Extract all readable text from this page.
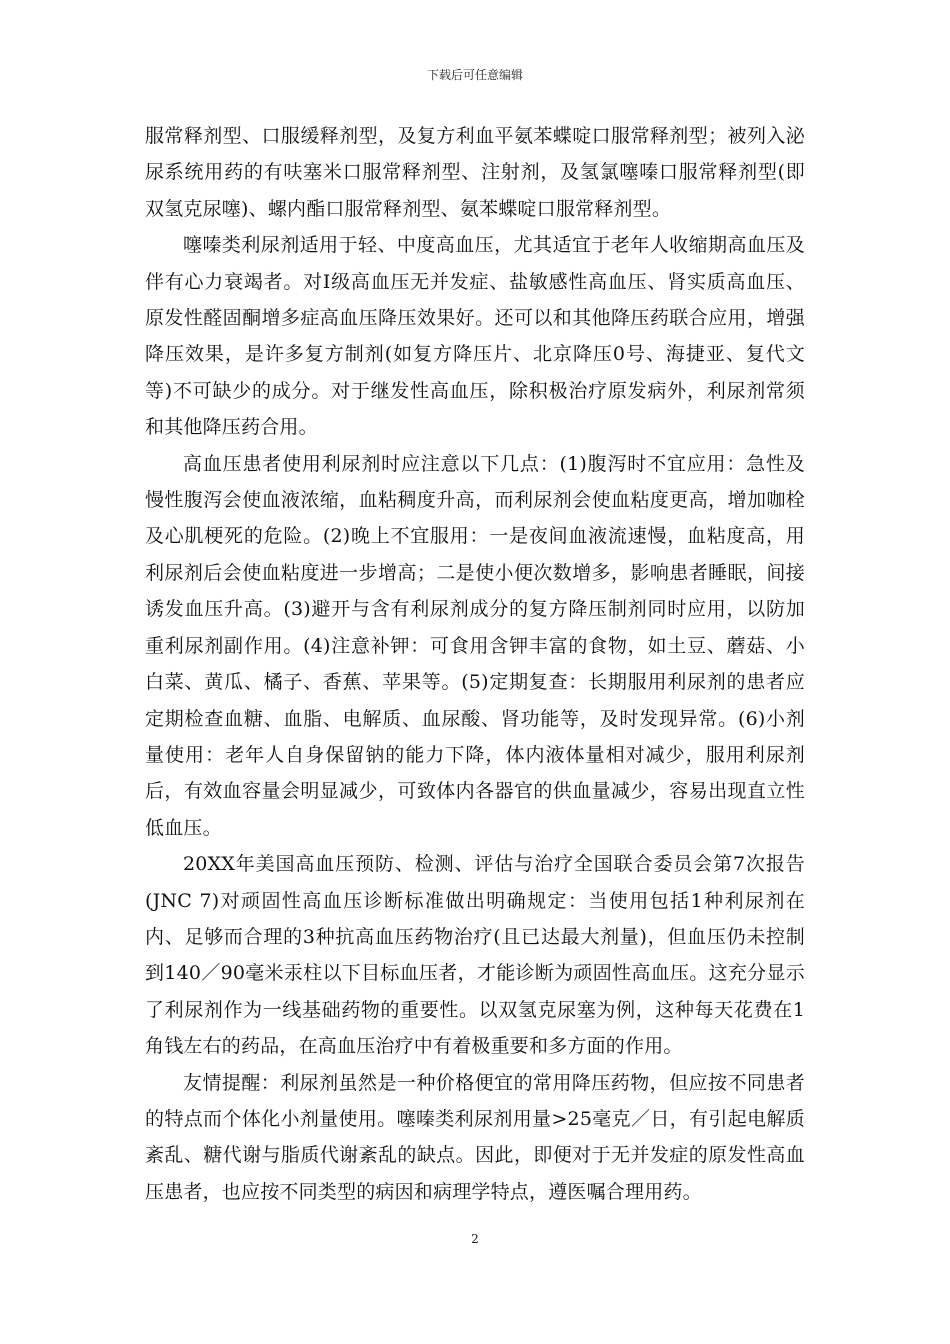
下载后可任意编辑

服常释剂型、口服缓释剂型，及复方利血平氨苯蝶啶口服常释剂型；被列入泌尿系统用药的有呋塞米口服常释剂型、注射剂，及氢氯噻嗪口服常释剂型(即双氢克尿噻)、螺内酯口服常释剂型、氨苯蝶啶口服常释剂型。

噻嗪类利尿剂适用于轻、中度高血压，尤其适宜于老年人收缩期高血压及伴有心力衰竭者。对Ⅰ级高血压无并发症、盐敏感性高血压、肾实质高血压、原发性醛固酮增多症高血压降压效果好。还可以和其他降压药联合应用，增强降压效果，是许多复方制剂(如复方降压片、北京降压0号、海捷亚、复代文等)不可缺少的成分。对于继发性高血压，除积极治疗原发病外，利尿剂常须和其他降压药合用。

高血压患者使用利尿剂时应注意以下几点：(1)腹泻时不宜应用：急性及慢性腹泻会使血液浓缩，血粘稠度升高，而利尿剂会使血粘度更高，增加咖栓及心肌梗死的危险。(2)晚上不宜服用：一是夜间血液流速慢，血粘度高，用利尿剂后会使血粘度进一步增高；二是使小便次数增多，影响患者睡眠，间接诱发血压升高。(3)避开与含有利尿剂成分的复方降压制剂同时应用，以防加重利尿剂副作用。(4)注意补钾：可食用含钾丰富的食物，如土豆、蘑菇、小白菜、黄瓜、橘子、香蕉、苹果等。(5)定期复查：长期服用利尿剂的患者应定期检查血糖、血脂、电解质、血尿酸、肾功能等，及时发现异常。(6)小剂量使用：老年人自身保留钠的能力下降，体内液体量相对减少，服用利尿剂后，有效血容量会明显减少，可致体内各器官的供血量减少，容易出现直立性低血压。

20XX年美国高血压预防、检测、评估与治疗全国联合委员会第7次报告(JNC 7)对顽固性高血压诊断标准做出明确规定：当使用包括1种利尿剂在内、足够而合理的3种抗高血压药物治疗(且已达最大剂量)，但血压仍未控制到140／90毫米汞柱以下目标血压者，才能诊断为顽固性高血压。这充分显示了利尿剂作为一线基础药物的重要性。以双氢克尿塞为例，这种每天花费在1角钱左右的药品，在高血压治疗中有着极重要和多方面的作用。

友情提醒：利尿剂虽然是一种价格便宜的常用降压药物，但应按不同患者的特点而个体化小剂量使用。噻嗪类利尿剂用量>25毫克／日，有引起电解质紊乱、糖代谢与脂质代谢紊乱的缺点。因此，即便对于无并发症的原发性高血压患者，也应按不同类型的病因和病理学特点，遵医嘱合理用药。

2
